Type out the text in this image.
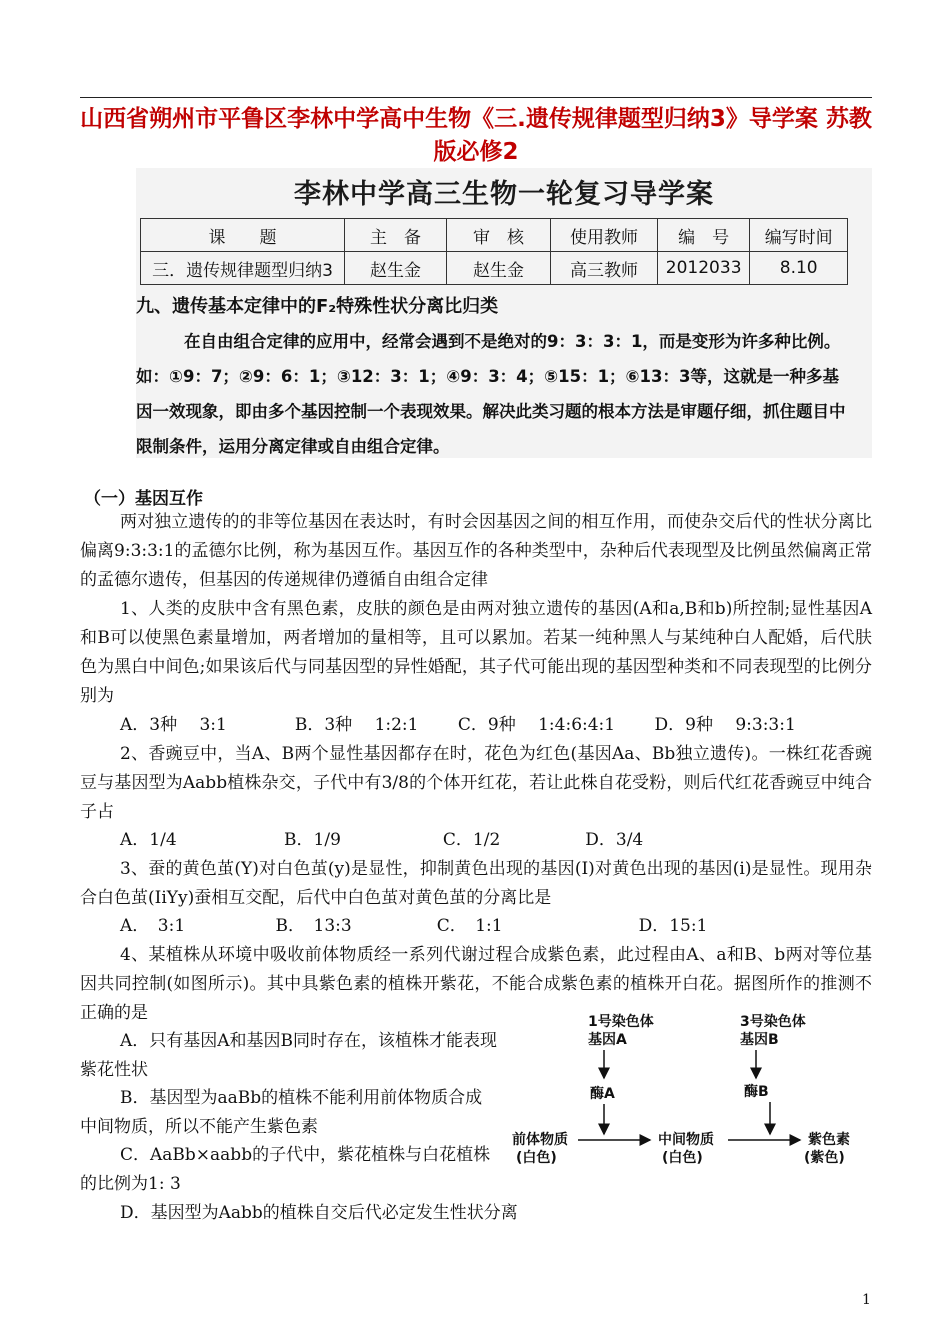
山西省朔州市平鲁区李林中学高中生物《三.遗传规律题型归纳3》导学案 苏教版必修2
李林中学高三生物一轮复习导学案
课　　题	主　备	审　核	使用教师	编　号	编写时间
三．遗传规律题型归纳3	赵生金	赵生金	高三教师	2012033	8.10
九、遗传基本定律中的F₂特殊性状分离比归类
在自由组合定律的应用中，经常会遇到不是绝对的9：3：3：1，而是变形为许多种比例。如：①9：7；②9：6：1；③12：3：1；④9：3：4；⑤15：1；⑥13：3等，这就是一种多基因一效现象，即由多个基因控制一个表现效果。解决此类习题的根本方法是审题仔细，抓住题目中限制条件，运用分离定律或自由组合定律。
（一）基因互作
两对独立遗传的的非等位基因在表达时，有时会因基因之间的相互作用，而使杂交后代的性状分离比偏离9:3:3:1的孟德尔比例，称为基因互作。基因互作的各种类型中，杂种后代表现型及比例虽然偏离正常的孟德尔遗传，但基因的传递规律仍遵循自由组合定律
1、人类的皮肤中含有黑色素，皮肤的颜色是由两对独立遗传的基因(A和a,B和b)所控制;显性基因A和B可以使黑色素量增加，两者增加的量相等，且可以累加。若某一纯种黑人与某纯种白人配婚，后代肤色为黑白中间色;如果该后代与同基因型的异性婚配，其子代可能出现的基因型种类和不同表现型的比例分别为
A．3种　 3:1　　　　B．3种　 1:2:1　　 C．9种　 1:4:6:4:1　　 D．9种　 9:3:3:1
2、香豌豆中，当A、B两个显性基因都存在时，花色为红色(基因Aa、Bb独立遗传)。一株红花香豌豆与基因型为Aabb植株杂交，子代中有3/8的个体开红花，若让此株自花受粉，则后代红花香豌豆中纯合子占
A．1/4　　　　　　 B．1/9　　　　　　C．1/2　　　　　D．3/4
3、蚕的黄色茧(Y)对白色茧(y)是显性，抑制黄色出现的基因(I)对黄色出现的基因(i)是显性。现用杂合白色茧(IiYy)蚕相互交配，后代中白色茧对黄色茧的分离比是
A．　3:1　　　　　 B．　13:3　　　　　C．　1:1　　　　　　　　D．15:1
4、某植株从环境中吸收前体物质经一系列代谢过程合成紫色素，此过程由A、a和B、b两对等位基因共同控制(如图所示)。其中具紫色素的植株开紫花，不能合成紫色素的植株开白花。据图所作的推测不正确的是
A．只有基因A和基因B同时存在，该植株才能表现紫花性状
B．基因型为aaBb的植株不能利用前体物质合成中间物质，所以不能产生紫色素
C．AaBb×aabb的子代中，紫花植株与白花植株的比例为1: 3
D．基因型为Aabb的植株自交后代必定发生性状分离
1号染色体
基因A
3号染色体
基因B
酶A	酶B
前体物质
(白色)
中间物质
(白色)
紫色素
(紫色)
1
